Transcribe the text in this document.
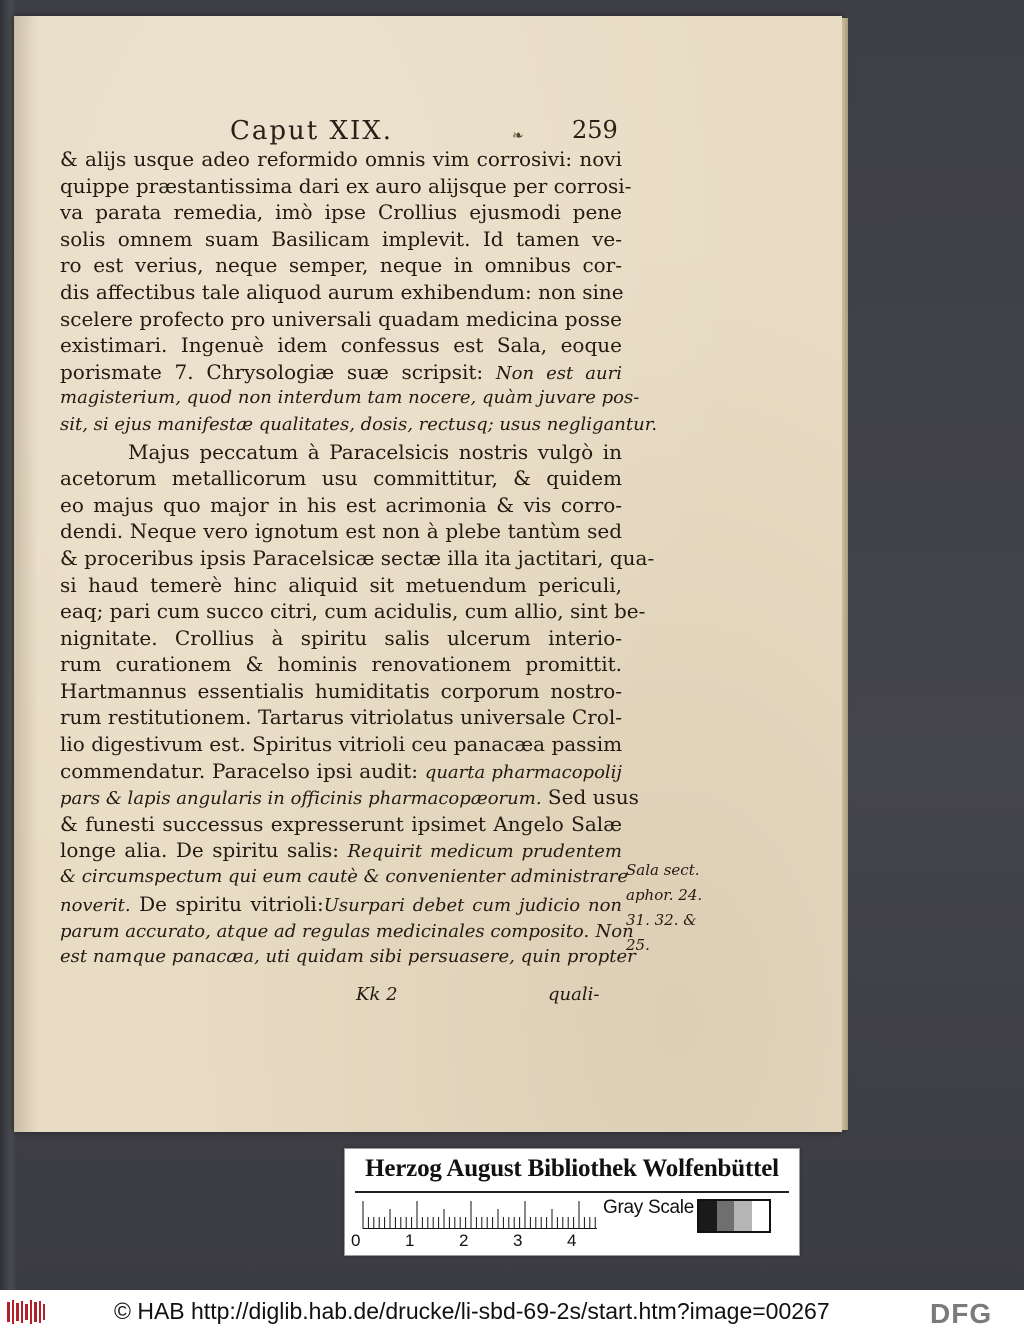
Caput XIX.	❧ 259
& alijs usque adeo reformido omnis vim corrosivi: novi
quippe præstantissima dari ex auro alijsque per corrosi-
va parata remedia, imò ipse Crollius ejusmodi pene
solis omnem suam Basilicam implevit. Id tamen ve-
ro est verius, neque semper, neque in omnibus cor-
dis affectibus tale aliquod aurum exhibendum: non sine
scelere profecto pro universali quadam medicina posse
existimari. Ingenuè idem confessus est Sala, eoque
porismate 7. Chrysologiæ suæ scripsit: Non est auri
magisterium, quod non interdum tam nocere, quàm juvare pos-
sit, si ejus manifestæ qualitates, dosis, rectusq; usus negligantur.
Majus peccatum à Paracelsicis nostris vulgò in
acetorum metallicorum usu committitur, & quidem
eo majus quo major in his est acrimonia & vis corro-
dendi. Neque vero ignotum est non à plebe tantùm sed
& proceribus ipsis Paracelsicæ sectæ illa ita jactitari, qua-
si haud temerè hinc aliquid sit metuendum periculi,
eaq; pari cum succo citri, cum acidulis, cum allio, sint be-
nignitate. Crollius à spiritu salis ulcerum interio-
rum curationem & hominis renovationem promittit.
Hartmannus essentialis humiditatis corporum nostro-
rum restitutionem. Tartarus vitriolatus universale Crol-
lio digestivum est. Spiritus vitrioli ceu panacæa passim
commendatur. Paracelso ipsi audit: quarta pharmacopolij
pars & lapis angularis in officinis pharmacopæorum. Sed usus
& funesti successus expresserunt ipsimet Angelo Salæ
longe alia. De spiritu salis: Requirit medicum prudentem
& circumspectum qui eum cautè & convenienter administrare
noverit. De spiritu vitrioli:Usurpari debet cum judicio non
parum accurato, atque ad regulas medicinales composito. Non
est namque panacæa, uti quidam sibi persuasere, quin propter
Sala sect.
aphor. 24.
31. 32. &
25.
Kk 2	quali-
Herzog August Bibliothek Wolfenbüttel
0	1	2	3	4
Gray Scale
© HAB http://diglib.hab.de/drucke/li-sbd-69-2s/start.htm?image=00267	DFG
